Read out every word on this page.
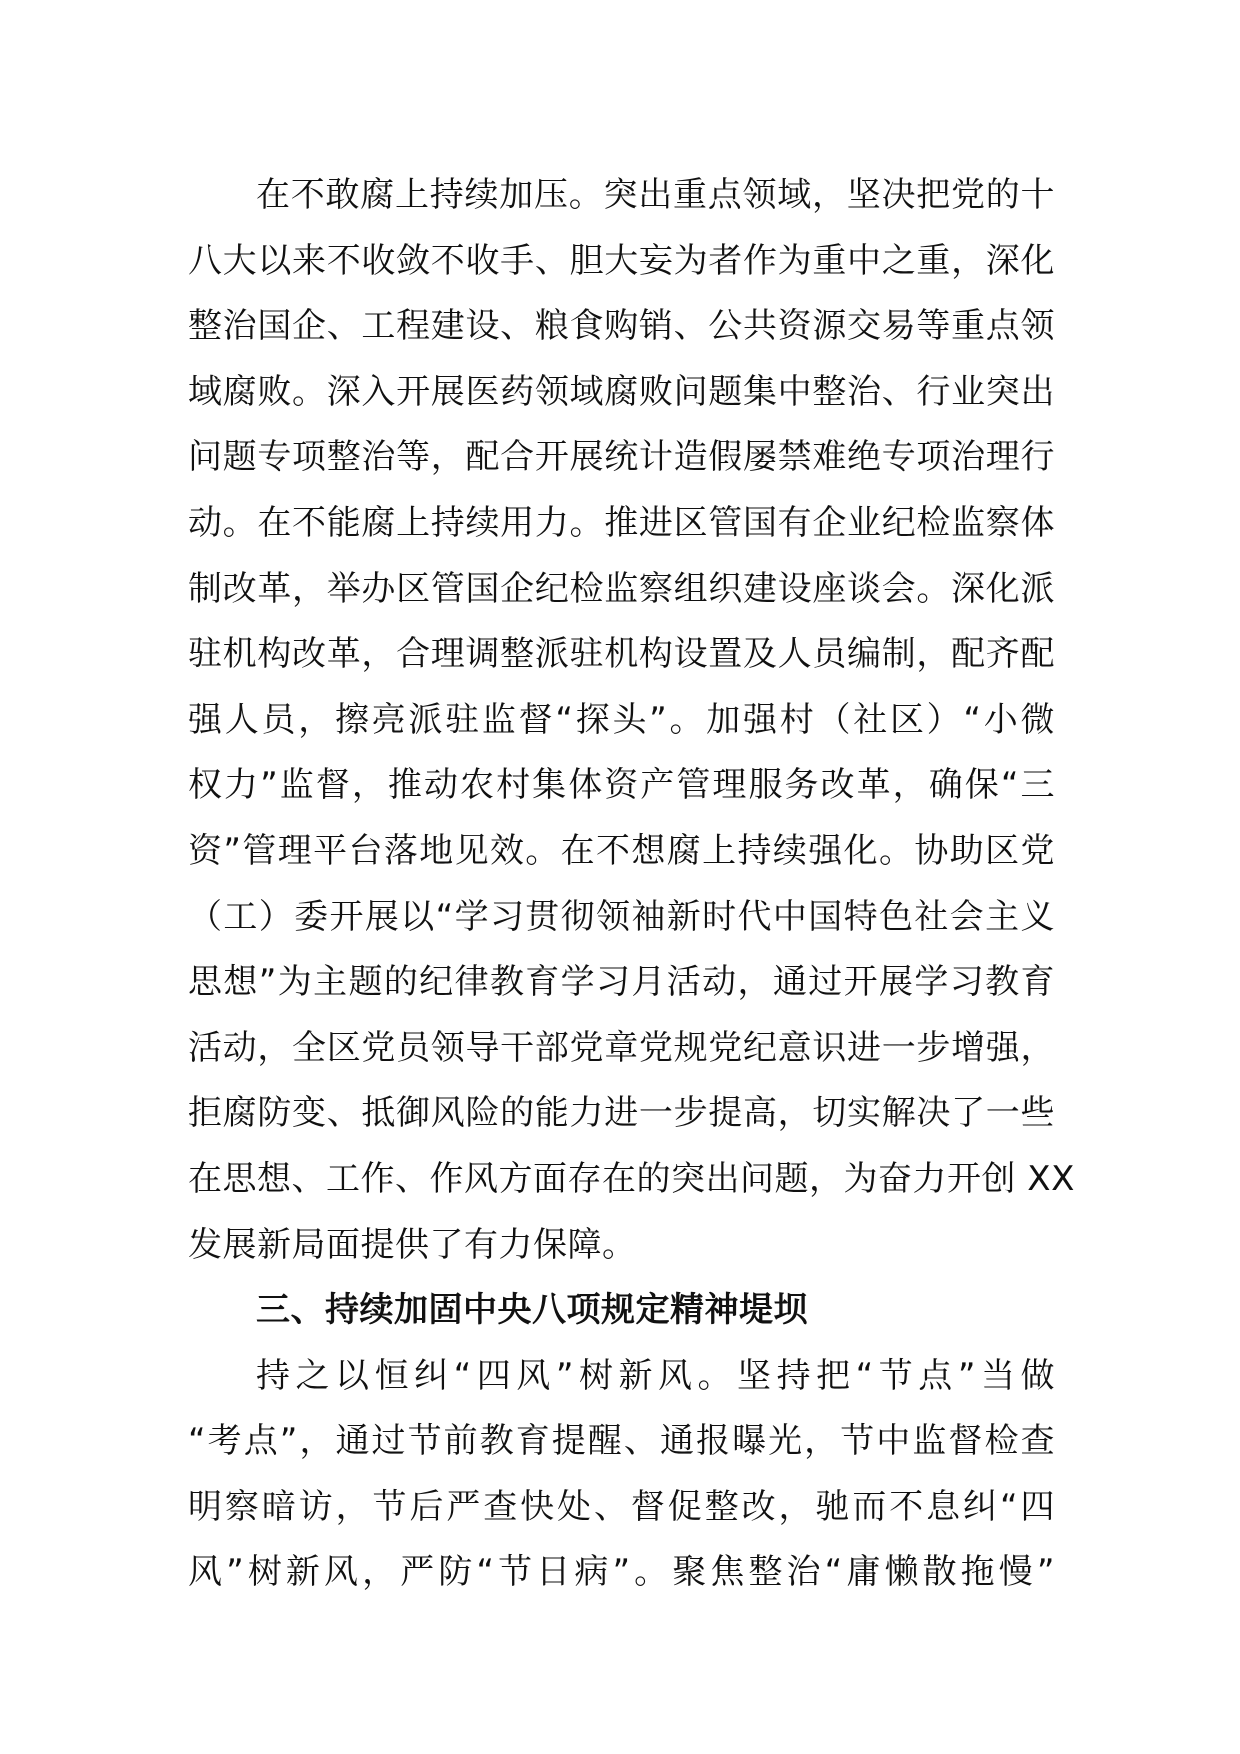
在不敢腐上持续加压。突出重点领域，坚决把党的十
八大以来不收敛不收手、胆大妄为者作为重中之重，深化
整治国企、工程建设、粮食购销、公共资源交易等重点领
域腐败。深入开展医药领域腐败问题集中整治、行业突出
问题专项整治等，配合开展统计造假屡禁难绝专项治理行
动。在不能腐上持续用力。推进区管国有企业纪检监察体
制改革，举办区管国企纪检监察组织建设座谈会。深化派
驻机构改革，合理调整派驻机构设置及人员编制，配齐配
强人员，擦亮派驻监督“探头”。加强村（社区）“小微
权力”监督，推动农村集体资产管理服务改革，确保“三
资”管理平台落地见效。在不想腐上持续强化。协助区党
（工）委开展以“学习贯彻领袖新时代中国特色社会主义
思想”为主题的纪律教育学习月活动，通过开展学习教育
活动，全区党员领导干部党章党规党纪意识进一步增强，
拒腐防变、抵御风险的能力进一步提高，切实解决了一些
在思想、工作、作风方面存在的突出问题，为奋力开创 XX
发展新局面提供了有力保障。
三、持续加固中央八项规定精神堤坝
持之以恒纠“四风”树新风。坚持把“节点”当做
“考点”，通过节前教育提醒、通报曝光，节中监督检查
明察暗访，节后严查快处、督促整改，驰而不息纠“四
风”树新风，严防“节日病”。聚焦整治“庸懒散拖慢”
